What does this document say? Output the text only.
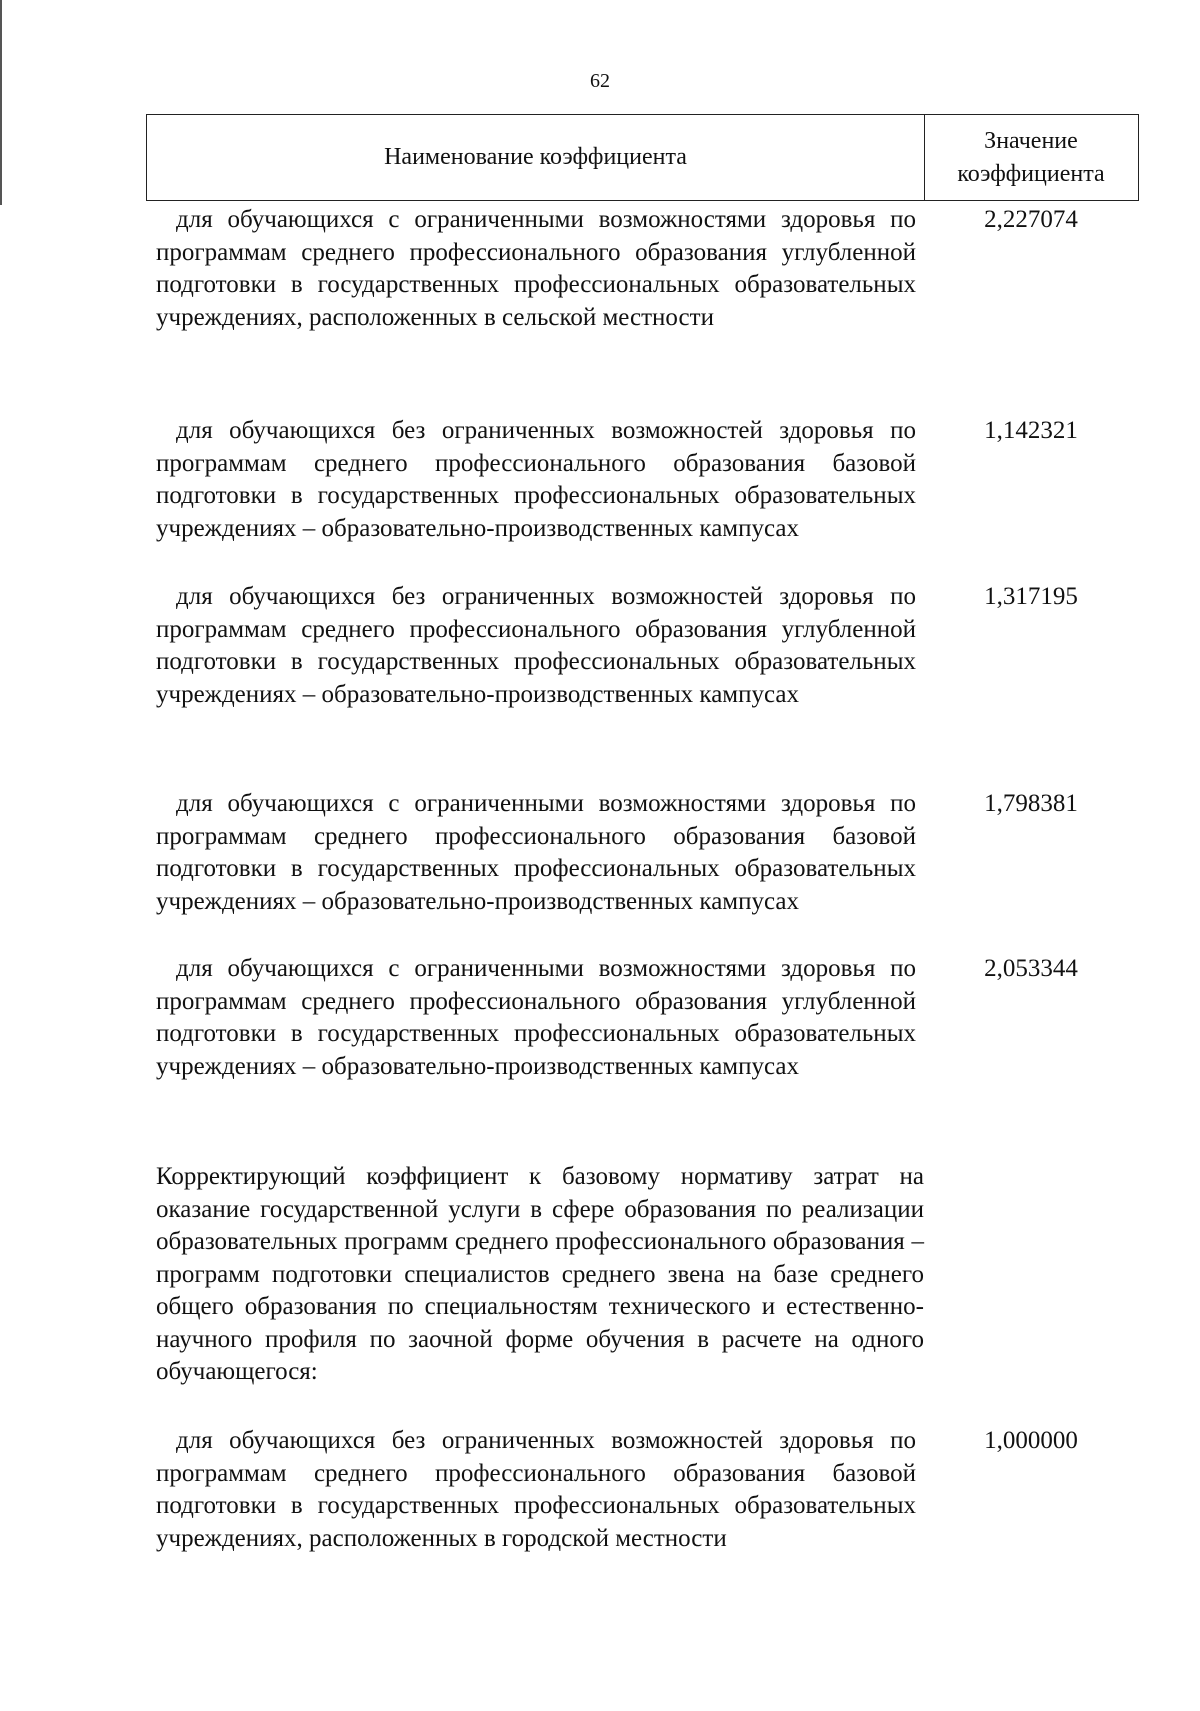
62
Наименование коэффициента
Значение
коэффициента
для обучающихся с ограниченными возможностями здоровья по программам среднего профессионального образования углубленной подготовки в государственных профессиональных образовательных учреждениях, расположенных в сельской местности
2,227074
для обучающихся без ограниченных возможностей здоровья по программам среднего профессионального образования базовой подготовки в государственных профессиональных образовательных учреждениях – образовательно-производственных кампусах
1,142321
для обучающихся без ограниченных возможностей здоровья по программам среднего профессионального образования углубленной подготовки в государственных профессиональных образовательных учреждениях – образовательно-производственных кампусах
1,317195
для обучающихся с ограниченными возможностями здоровья по программам среднего профессионального образования базовой подготовки в государственных профессиональных образовательных учреждениях – образовательно-производственных кампусах
1,798381
для обучающихся с ограниченными возможностями здоровья по программам среднего профессионального образования углубленной подготовки в государственных профессиональных образовательных учреждениях – образовательно-производственных кампусах
2,053344
Корректирующий коэффициент к базовому нормативу затрат на оказание государственной услуги в сфере образования по реализации образовательных программ среднего профессионального образования – программ подготовки специалистов среднего звена на базе среднего общего образования по специальностям технического и естественно-научного профиля по заочной форме обучения в расчете на одного обучающегося:
для обучающихся без ограниченных возможностей здоровья по программам среднего профессионального образования базовой подготовки в государственных профессиональных образовательных учреждениях, расположенных в городской местности
1,000000
